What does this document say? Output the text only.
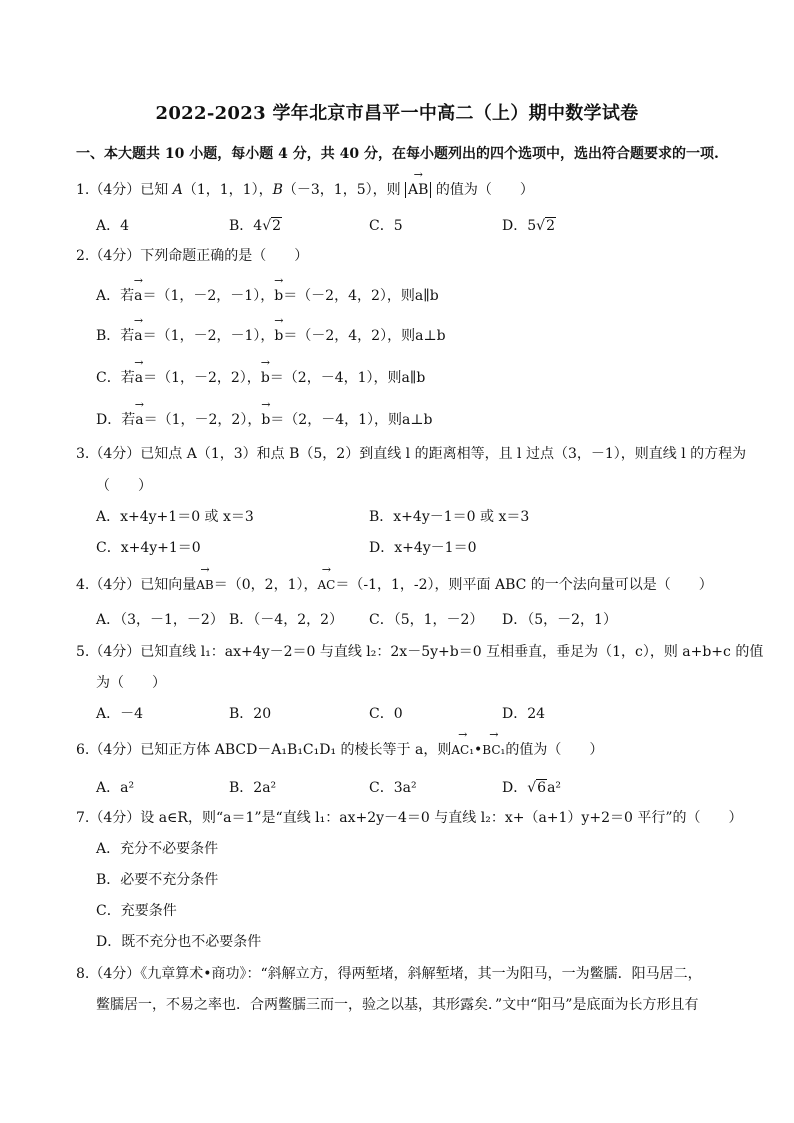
2022-2023 学年北京市昌平一中高二（上）期中数学试卷
一、本大题共 10 小题，每小题 4 分，共 40 分，在每小题列出的四个选项中，选出符合题要求的一项.
1.（4分）已知 A（1，1，1），B（－3，1，5），则 → AB 的值为（　　）
A．4	B．4√2	C．5	D．5√2
2.（4分）下列命题正确的是（　　）
A．若→ a＝（1，－2，－1），→ b＝（－2，4，2），则a∥b
B．若→ a＝（1，－2，－1），→ b＝（－2，4，2），则a⊥b
C．若→ a＝（1，－2，2），→ b＝（2，－4，1），则a∥b
D．若→ a＝（1，－2，2），→ b＝（2，－4，1），则a⊥b
3.（4分）已知点 A（1，3）和点 B（5，2）到直线 l 的距离相等，且 l 过点（3，－1），则直线 l 的方程为
（　　）
A．x+4y+1＝0 或 x＝3	B．x+4y－1＝0 或 x＝3
C．x+4y+1＝0	D．x+4y－1＝0
4.（4分）已知向量→ AB＝（0，2，1），→ AC＝（-1，1，-2），则平面 ABC 的一个法向量可以是（　　）
A．（3，－1，－2） B．（－4，2，2） C．（5，1，－2） D．（5，－2，1）
5.（4分）已知直线 l₁：ax+4y－2＝0 与直线 l₂：2x－5y+b＝0 互相垂直，垂足为（1，c），则 a+b+c 的值
为（　　）
A．－4	B．20	C．0	D．24
6.（4分）已知正方体 ABCD－A₁B₁C₁D₁ 的棱长等于 a，则→ AC₁•→ BC₁的值为（　　）
A．a²	B．2a²	C．3a²	D．√6a²
7.（4分）设 a∈R，则“a＝1”是“直线 l₁：ax+2y－4＝0 与直线 l₂：x+（a+1）y+2＝0 平行”的（　　）
A．充分不必要条件
B．必要不充分条件
C．充要条件
D．既不充分也不必要条件
8.（4分）《九章算术•商功》：“斜解立方，得两堑堵，斜解堑堵，其一为阳马，一为鳖臑．阳马居二，
鳖臑居一，不易之率也．合两鳖臑三而一，验之以基，其形露矣．”文中“阳马”是底面为长方形且有
